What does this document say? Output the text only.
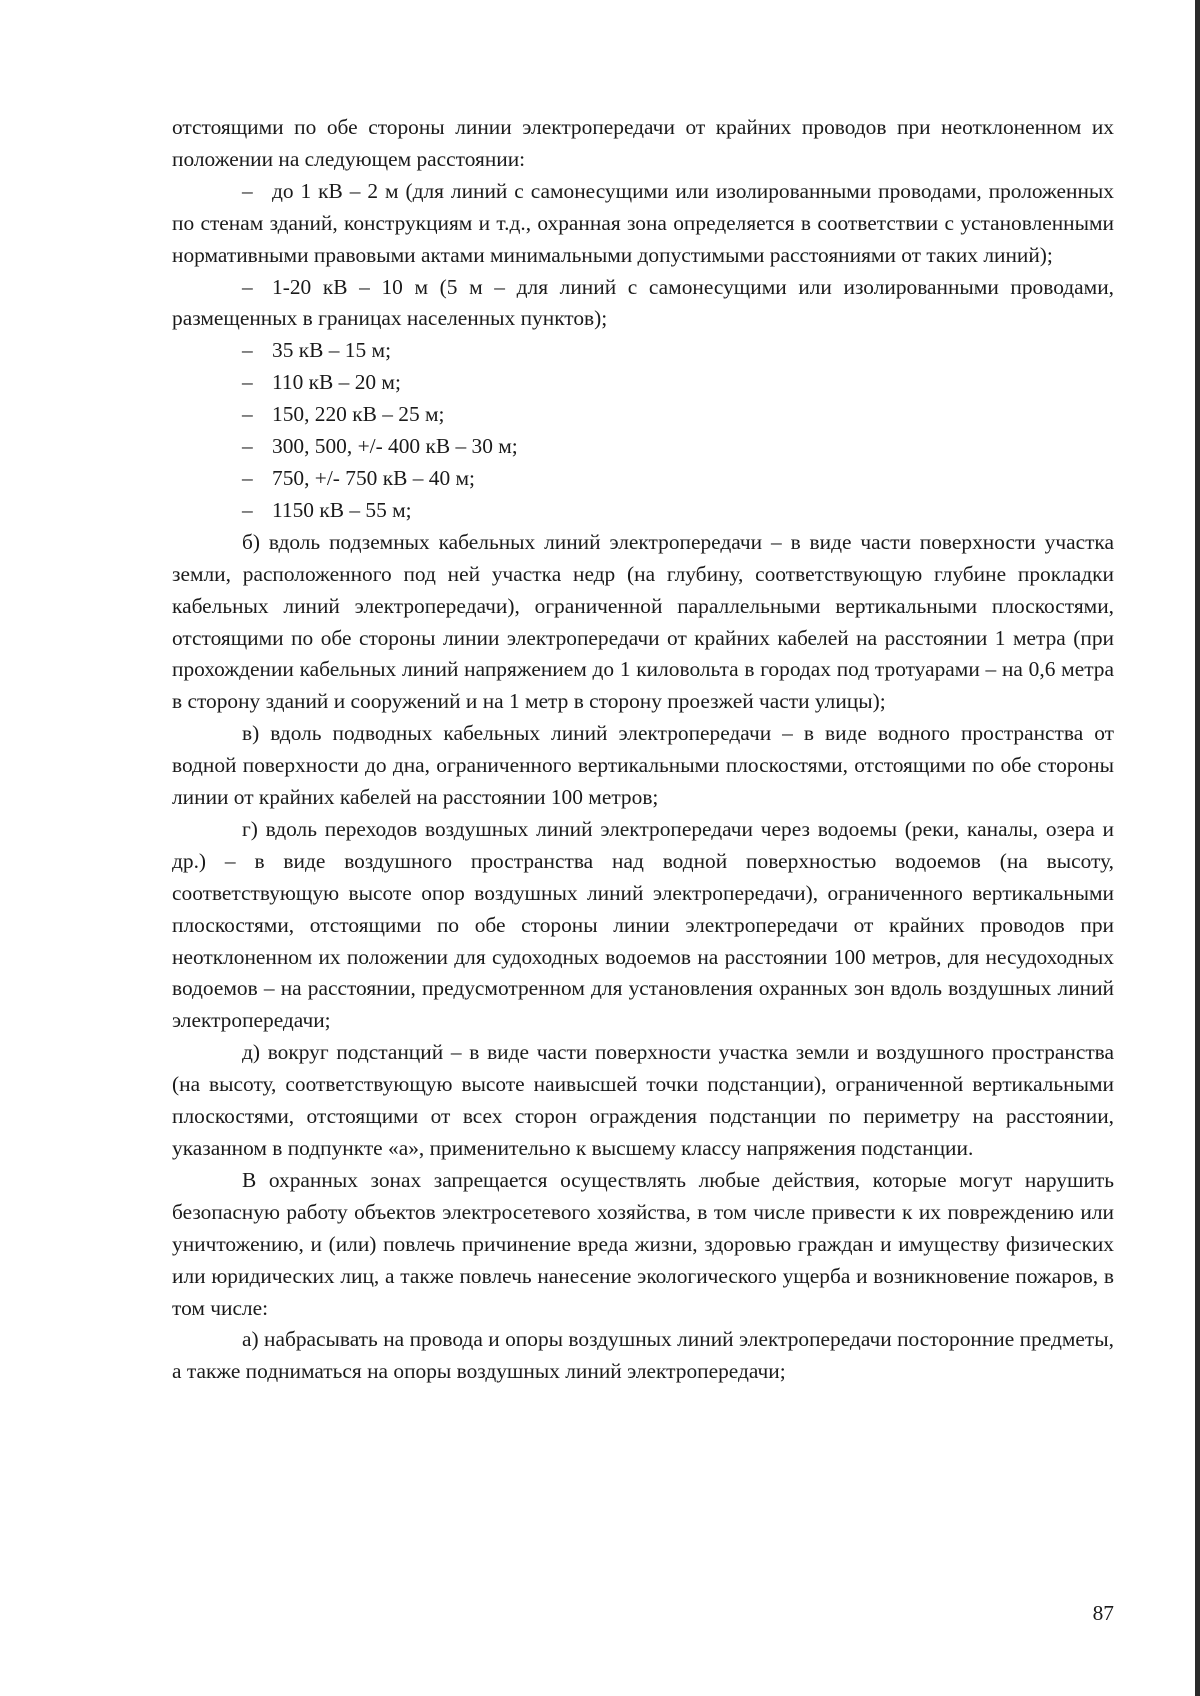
отстоящими по обе стороны линии электропередачи от крайних проводов при неотклоненном их положении на следующем расстоянии:

– до 1 кВ – 2 м (для линий с самонесущими или изолированными проводами, проложенных по стенам зданий, конструкциям и т.д., охранная зона определяется в соответствии с установленными нормативными правовыми актами минимальными допустимыми расстояниями от таких линий);

– 1-20 кВ – 10 м (5 м – для линий с самонесущими или изолированными проводами, размещенных в границах населенных пунктов);

– 35 кВ – 15 м;

– 110 кВ – 20 м;

– 150, 220 кВ – 25 м;

– 300, 500, +/- 400 кВ – 30 м;

– 750, +/- 750 кВ – 40 м;

– 1150 кВ – 55 м;

б) вдоль подземных кабельных линий электропередачи – в виде части поверхности участка земли, расположенного под ней участка недр (на глубину, соответствующую глубине прокладки кабельных линий электропередачи), ограниченной параллельными вертикальными плоскостями, отстоящими по обе стороны линии электропередачи от крайних кабелей на расстоянии 1 метра (при прохождении кабельных линий напряжением до 1 киловольта в городах под тротуарами – на 0,6 метра в сторону зданий и сооружений и на 1 метр в сторону проезжей части улицы);

в) вдоль подводных кабельных линий электропередачи – в виде водного пространства от водной поверхности до дна, ограниченного вертикальными плоскостями, отстоящими по обе стороны линии от крайних кабелей на расстоянии 100 метров;

г) вдоль переходов воздушных линий электропередачи через водоемы (реки, каналы, озера и др.) – в виде воздушного пространства над водной поверхностью водоемов (на высоту, соответствующую высоте опор воздушных линий электропередачи), ограниченного вертикальными плоскостями, отстоящими по обе стороны линии электропередачи от крайних проводов при неотклоненном их положении для судоходных водоемов на расстоянии 100 метров, для несудоходных водоемов – на расстоянии, предусмотренном для установления охранных зон вдоль воздушных линий электропередачи;

д) вокруг подстанций – в виде части поверхности участка земли и воздушного пространства (на высоту, соответствующую высоте наивысшей точки подстанции), ограниченной вертикальными плоскостями, отстоящими от всех сторон ограждения подстанции по периметру на расстоянии, указанном в подпункте «а», применительно к высшему классу напряжения подстанции.

В охранных зонах запрещается осуществлять любые действия, которые могут нарушить безопасную работу объектов электросетевого хозяйства, в том числе привести к их повреждению или уничтожению, и (или) повлечь причинение вреда жизни, здоровью граждан и имуществу физических или юридических лиц, а также повлечь нанесение экологического ущерба и возникновение пожаров, в том числе:

а) набрасывать на провода и опоры воздушных линий электропередачи посторонние предметы, а также подниматься на опоры воздушных линий электропередачи;

87
